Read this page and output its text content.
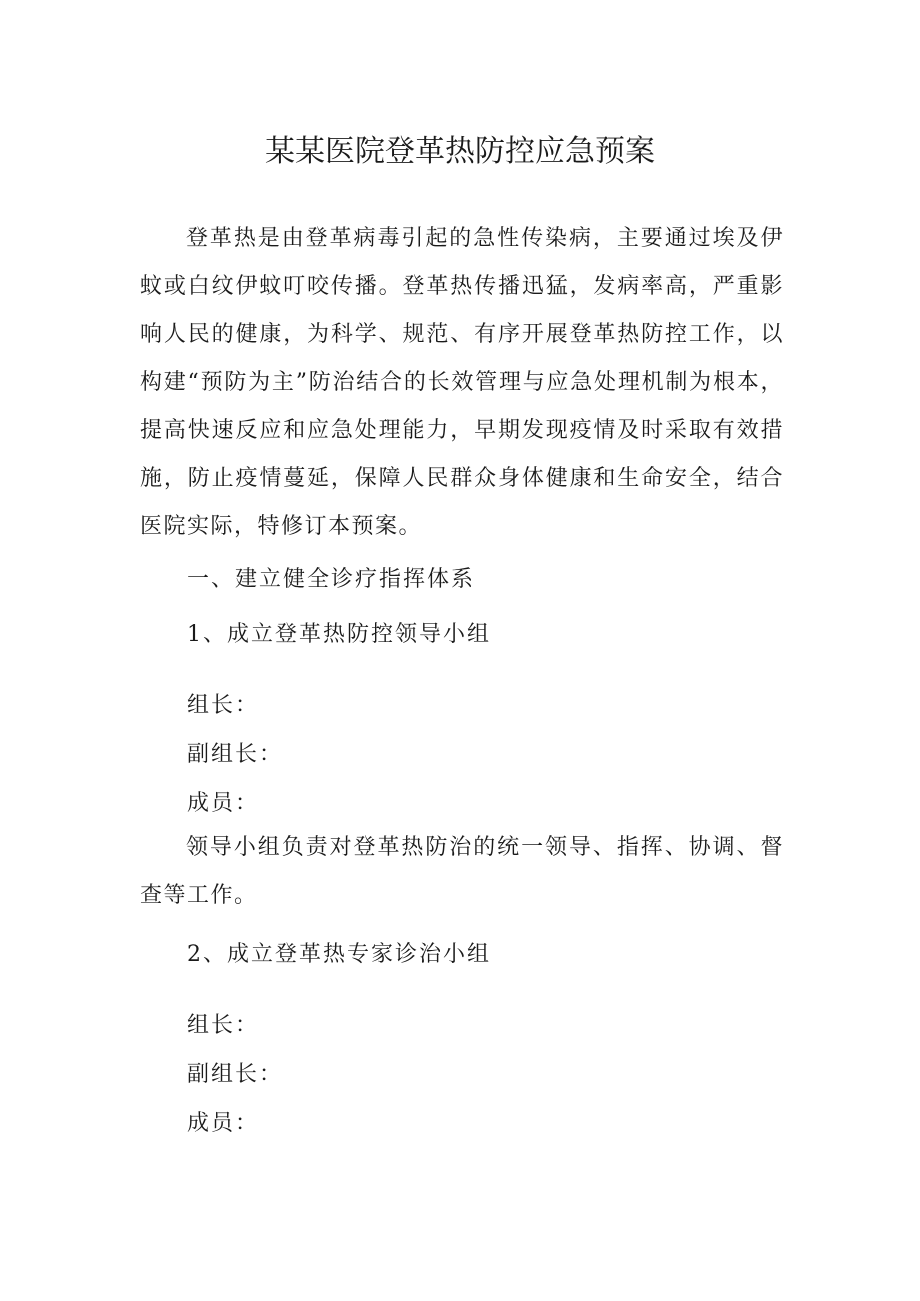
某某医院登革热防控应急预案

登革热是由登革病毒引起的急性传染病，主要通过埃及伊蚊或白纹伊蚊叮咬传播。登革热传播迅猛，发病率高，严重影响人民的健康，为科学、规范、有序开展登革热防控工作，以构建“预防为主”防治结合的长效管理与应急处理机制为根本，提高快速反应和应急处理能力，早期发现疫情及时采取有效措施，防止疫情蔓延，保障人民群众身体健康和生命安全，结合医院实际，特修订本预案。

一、建立健全诊疗指挥体系

1、成立登革热防控领导小组

组长：

副组长：

成员：

领导小组负责对登革热防治的统一领导、指挥、协调、督查等工作。

2、成立登革热专家诊治小组

组长：

副组长：

成员：
